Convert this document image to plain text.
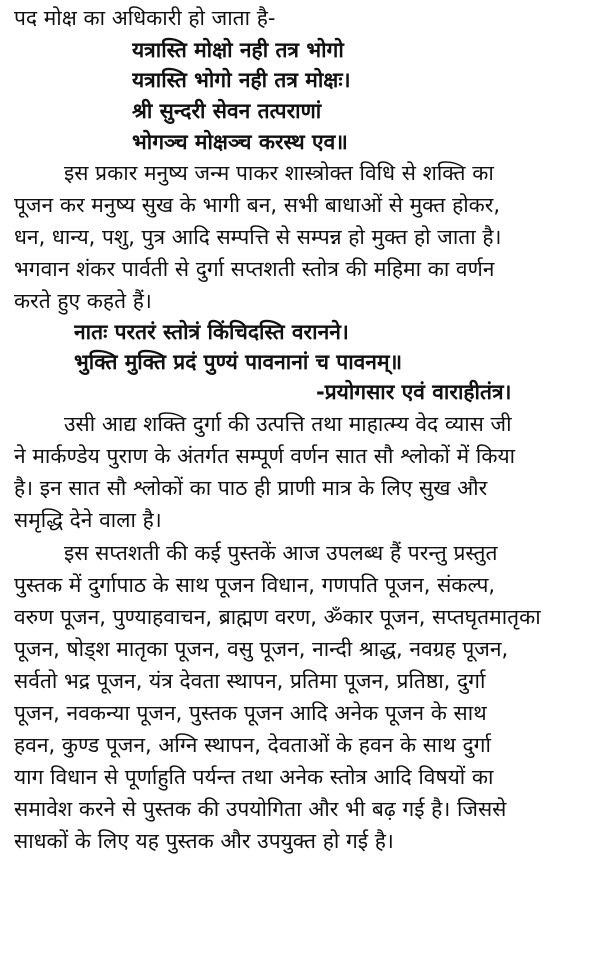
पद मोक्ष का अधिकारी हो जाता है-
यत्रास्ति मोक्षो नही तत्र भोगो
यत्रास्ति भोगो नही तत्र मोक्षः।
श्री सुन्दरी सेवन तत्पराणां
भोगञ्च मोक्षञ्च करस्थ एव॥
इस प्रकार मनुष्य जन्म पाकर शास्त्रोक्त विधि से शक्ति का
पूजन कर मनुष्य सुख के भागी बन, सभी बाधाओं से मुक्त होकर,
धन, धान्य, पशु, पुत्र आदि सम्पत्ति से सम्पन्न हो मुक्त हो जाता है।
भगवान शंकर पार्वती से दुर्गा सप्तशती स्तोत्र की महिमा का वर्णन
करते हुए कहते हैं।
नातः परतरं स्तोत्रं किंचिदस्ति वरानने।
भुक्ति मुक्ति प्रदं पुण्यं पावनानां च पावनम्॥
-प्रयोगसार एवं वाराहीतंत्र।
उसी आद्य शक्ति दुर्गा की उत्पत्ति तथा माहात्म्य वेद व्यास जी
ने मार्कण्डेय पुराण के अंतर्गत सम्पूर्ण वर्णन सात सौ श्लोकों में किया
है। इन सात सौ श्लोकों का पाठ ही प्राणी मात्र के लिए सुख और
समृद्धि देने वाला है।
इस सप्तशती की कई पुस्तकें आज उपलब्ध हैं परन्तु प्रस्तुत
पुस्तक में दुर्गापाठ के साथ पूजन विधान, गणपति पूजन, संकल्प,
वरुण पूजन, पुण्याहवाचन, ब्राह्मण वरण, ॐकार पूजन, सप्तघृतमातृका
पूजन, षोड्श मातृका पूजन, वसु पूजन, नान्दी श्राद्ध, नवग्रह पूजन,
सर्वतो भद्र पूजन, यंत्र देवता स्थापन, प्रतिमा पूजन, प्रतिष्ठा, दुर्गा
पूजन, नवकन्या पूजन, पुस्तक पूजन आदि अनेक पूजन के साथ
हवन, कुण्ड पूजन, अग्नि स्थापन, देवताओं के हवन के साथ दुर्गा
याग विधान से पूर्णाहुति पर्यन्त तथा अनेक स्तोत्र आदि विषयों का
समावेश करने से पुस्तक की उपयोगिता और भी बढ़ गई है। जिससे
साधकों के लिए यह पुस्तक और उपयुक्त हो गई है।
